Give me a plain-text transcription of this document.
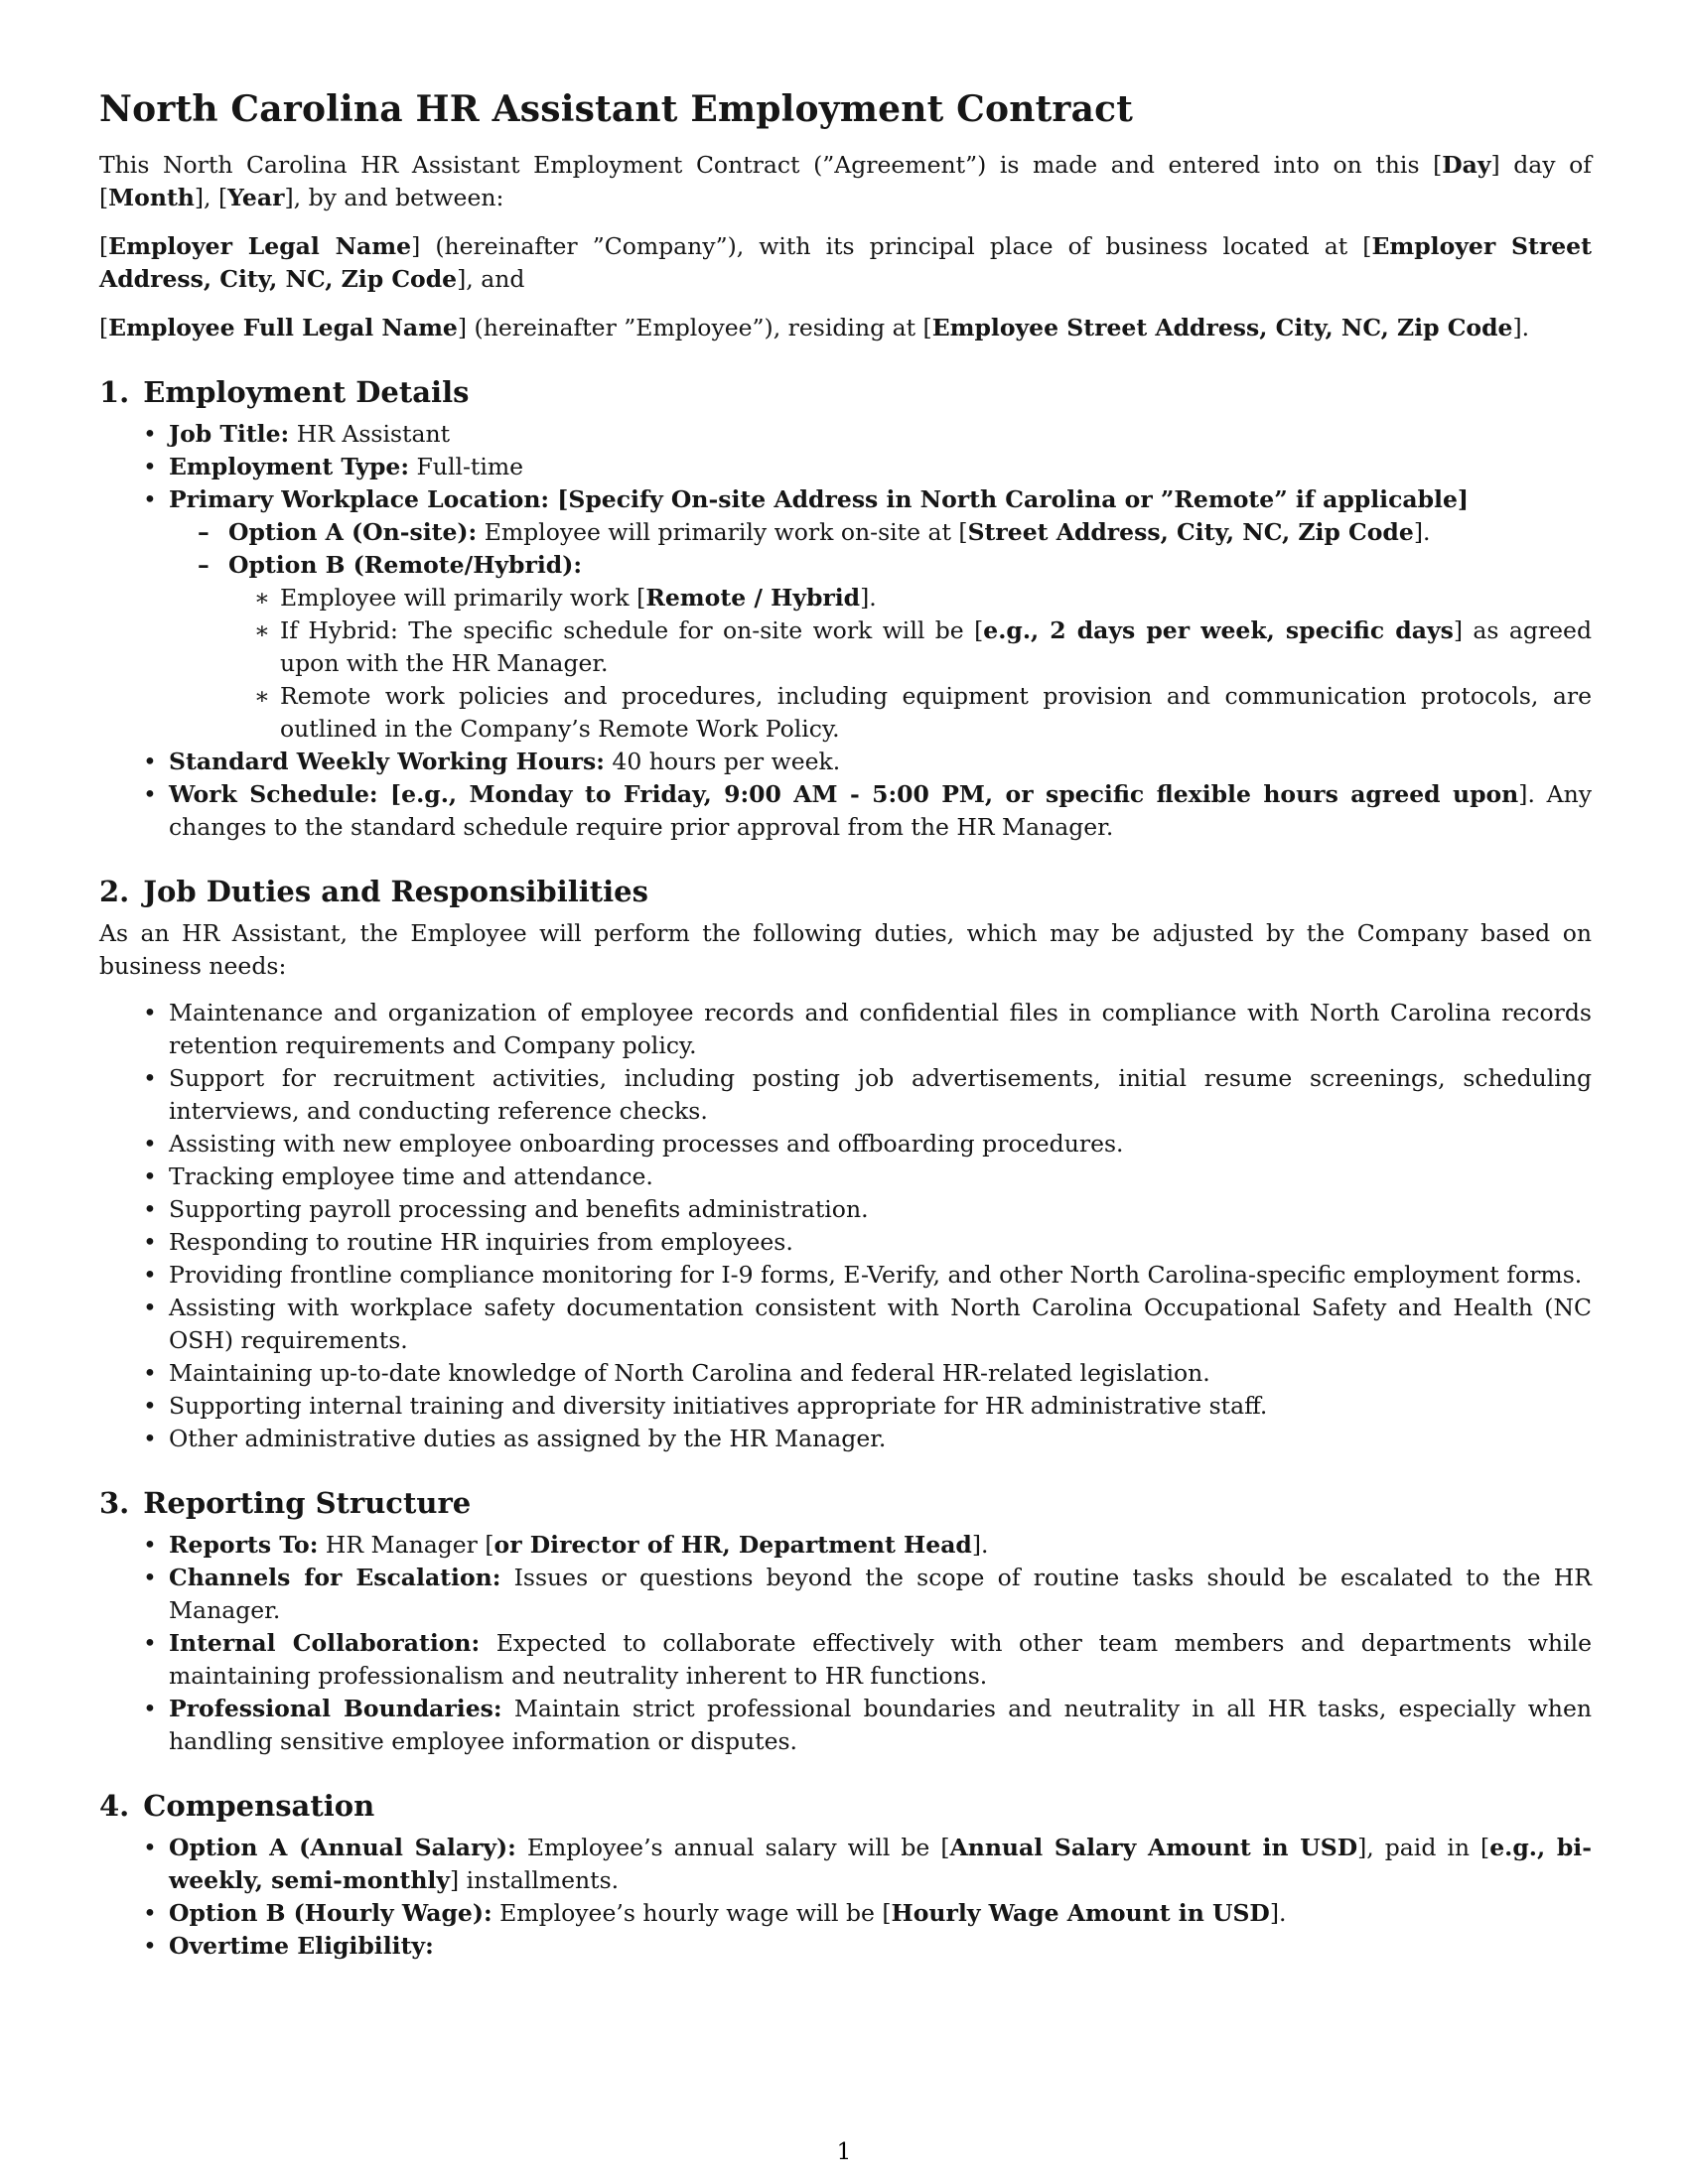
North Carolina HR Assistant Employment Contract

This North Carolina HR Assistant Employment Contract (”Agreement”) is made and entered into on this [Day] day of [Month], [Year], by and between:

[Employer Legal Name] (hereinafter ”Company”), with its principal place of business located at [Employer Street Address, City, NC, Zip Code], and

[Employee Full Legal Name] (hereinafter ”Employee”), residing at [Employee Street Address, City, NC, Zip Code].

1. Employment Details
• Job Title: HR Assistant
• Employment Type: Full-time
• Primary Workplace Location: [Specify On-site Address in North Carolina or ”Remote” if applicable]
– Option A (On-site): Employee will primarily work on-site at [Street Address, City, NC, Zip Code].
– Option B (Remote/Hybrid):
∗ Employee will primarily work [Remote / Hybrid].
∗ If Hybrid: The specific schedule for on-site work will be [e.g., 2 days per week, specific days] as agreed upon with the HR Manager.
∗ Remote work policies and procedures, including equipment provision and communication protocols, are outlined in the Company’s Remote Work Policy.
• Standard Weekly Working Hours: 40 hours per week.
• Work Schedule: [e.g., Monday to Friday, 9:00 AM - 5:00 PM, or specific flexible hours agreed upon]. Any changes to the standard schedule require prior approval from the HR Manager.
2. Job Duties and Responsibilities

As an HR Assistant, the Employee will perform the following duties, which may be adjusted by the Company based on business needs:

• Maintenance and organization of employee records and confidential files in compliance with North Carolina records retention requirements and Company policy.
• Support for recruitment activities, including posting job advertisements, initial resume screenings, scheduling interviews, and conducting reference checks.
• Assisting with new employee onboarding processes and offboarding procedures.
• Tracking employee time and attendance.
• Supporting payroll processing and benefits administration.
• Responding to routine HR inquiries from employees.
• Providing frontline compliance monitoring for I-9 forms, E-Verify, and other North Carolina-specific employment forms.
• Assisting with workplace safety documentation consistent with North Carolina Occupational Safety and Health (NC OSH) requirements.
• Maintaining up-to-date knowledge of North Carolina and federal HR-related legislation.
• Supporting internal training and diversity initiatives appropriate for HR administrative staff.
• Other administrative duties as assigned by the HR Manager.
3. Reporting Structure
• Reports To: HR Manager [or Director of HR, Department Head].
• Channels for Escalation: Issues or questions beyond the scope of routine tasks should be escalated to the HR Manager.
• Internal Collaboration: Expected to collaborate effectively with other team members and departments while maintaining professionalism and neutrality inherent to HR functions.
• Professional Boundaries: Maintain strict professional boundaries and neutrality in all HR tasks, especially when handling sensitive employee information or disputes.
4. Compensation
• Option A (Annual Salary): Employee’s annual salary will be [Annual Salary Amount in USD], paid in [e.g., bi-weekly, semi-monthly] installments.
• Option B (Hourly Wage): Employee’s hourly wage will be [Hourly Wage Amount in USD].
• Overtime Eligibility:
1
